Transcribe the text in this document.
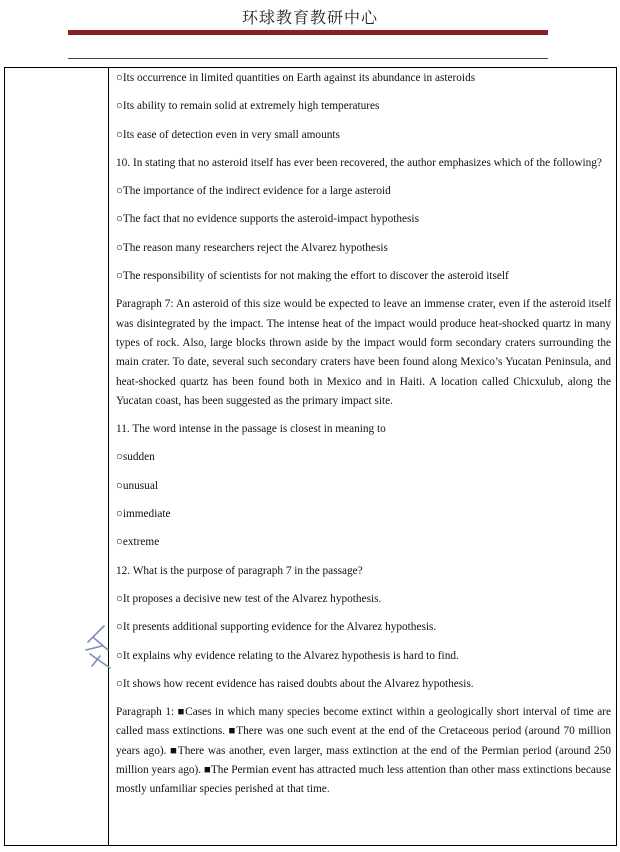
环球教育教研中心

○Its occurrence in limited quantities on Earth against its abundance in asteroids

○Its ability to remain solid at extremely high temperatures

○Its ease of detection even in very small amounts

10. In stating that no asteroid itself has ever been recovered, the author emphasizes which of the following?

○The importance of the indirect evidence for a large asteroid

○The fact that no evidence supports the asteroid-impact hypothesis

○The reason many researchers reject the Alvarez hypothesis

○The responsibility of scientists for not making the effort to discover the asteroid itself

Paragraph 7: An asteroid of this size would be expected to leave an immense crater, even if the asteroid itself was disintegrated by the impact. The intense heat of the impact would produce heat-shocked quartz in many types of rock. Also, large blocks thrown aside by the impact would form secondary craters surrounding the main crater. To date, several such secondary craters have been found along Mexico’s Yucatan Peninsula, and heat-shocked quartz has been found both in Mexico and in Haiti. A location called Chicxulub, along the Yucatan coast, has been suggested as the primary impact site.

11. The word intense in the passage is closest in meaning to

○sudden

○unusual

○immediate

○extreme

12. What is the purpose of paragraph 7 in the passage?

○It proposes a decisive new test of the Alvarez hypothesis.

○It presents additional supporting evidence for the Alvarez hypothesis.

○It explains why evidence relating to the Alvarez hypothesis is hard to find.

○It shows how recent evidence has raised doubts about the Alvarez hypothesis.

Paragraph 1: ■Cases in which many species become extinct within a geologically short interval of time are called mass extinctions. ■There was one such event at the end of the Cretaceous period (around 70 million years ago). ■There was another, even larger, mass extinction at the end of the Permian period (around 250 million years ago). ■The Permian event has attracted much less attention than other mass extinctions because mostly unfamiliar species perished at that time.
